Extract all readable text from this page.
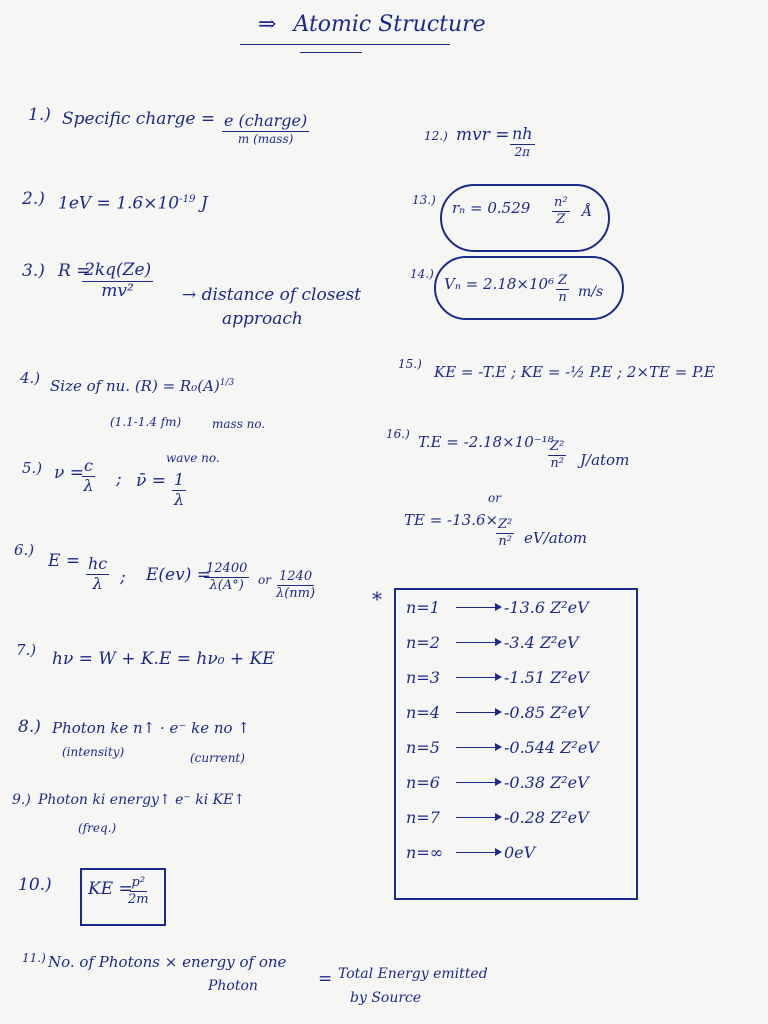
⇒ Atomic Structure
1.) Specific charge = e (charge)
m (mass)
2.) $1eV = 1.6\times 10^{-19}$ J
3.) R =
$\frac{2kq(Ze)}{\text{mv²}}$ → distance of closest
approach
4.) Size of nu. $(R) = R_0(A)^{1/3}$
(1.1-1.4 fm)	mass no.
5.) ν =
$\frac{c}{\lambda}$ ; ν̄ = $\frac{1}{\lambda}$
wave no.
6.)
$E = \frac{hc}{\lambda}$ ; E(ev) =
$\frac{12400}{\lambda(A^\circ)}$ or $\frac{1240}{\lambda(nm)}$
7.) hν = W + K.E = hν₀ + KE
8.) Photon ke n↑ · e⁻ ke no ↑
(intensity)	(current)
9.) Photon ki energy↑ e⁻ ki KE↑
(freq.)
10.) KE =
$\frac{\text{p²}}{2m}$
11.) No. of Photons × energy of one
Photon	= Total Energy emitted
by Source
12.) mvr = nh
2π
13.) $r_n = 0.529 \frac{\text{n²}}{Z}$ Å
14.)
$V_n = 2.18\times 10^6 \frac{Z}{n} m/s$
15.) KE = -T.E ; KE = -½ P.E ; 2×TE = P.E
16.) T.E = -2.18×10⁻¹⁸
$\frac{\text{Z²}}{\text{n²}}$ J/atom
or
TE = -13.6×
$\frac{\text{Z²}}{\text{n²}}$ eV/atom
* n=1	-13.6 Z²eV
n=2	-3.4 Z²eV
n=3	-1.51 Z²eV
n=4	-0.85 Z²eV
n=5	-0.544 Z²eV
n=6	-0.38 Z²eV
n=7	-0.28 Z²eV
n=∞	0eV
